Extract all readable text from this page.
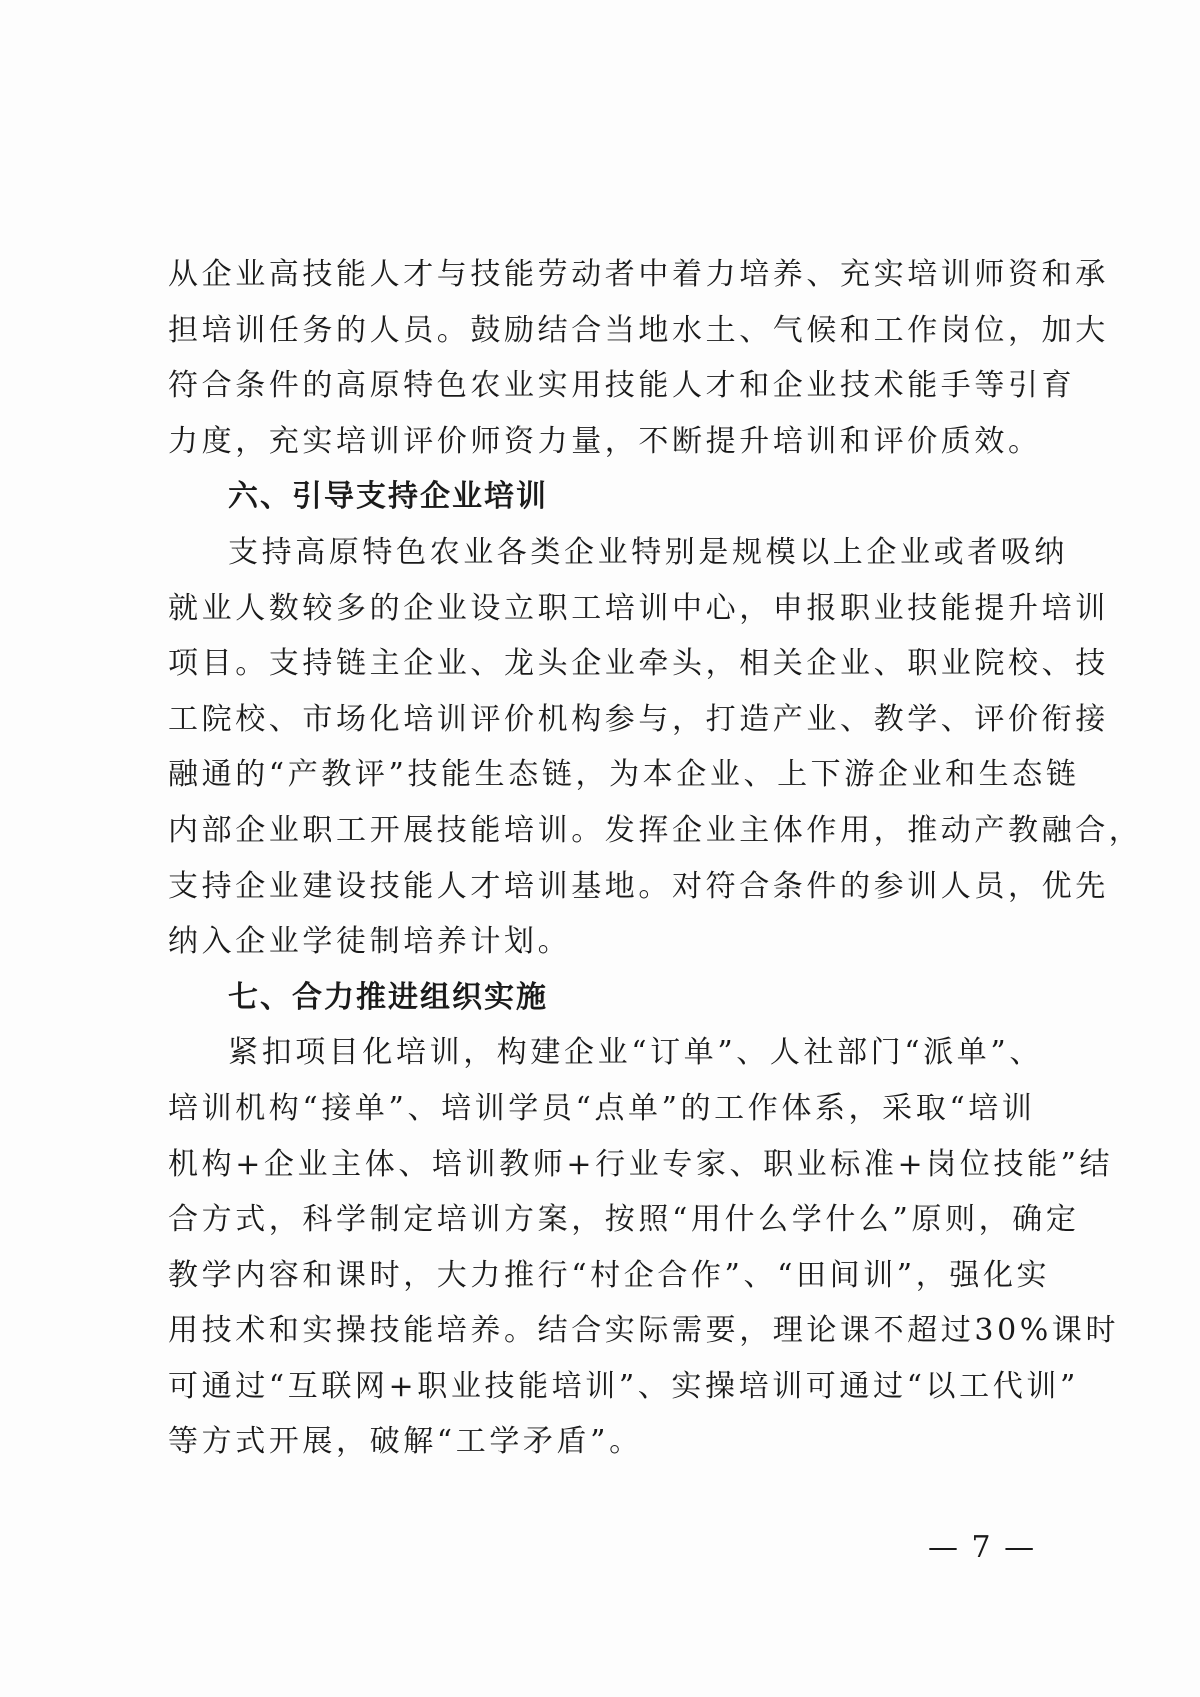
从企业高技能人才与技能劳动者中着力培养、充实培训师资和承
担培训任务的人员。鼓励结合当地水土、气候和工作岗位，加大
符合条件的高原特色农业实用技能人才和企业技术能手等引育
力度，充实培训评价师资力量，不断提升培训和评价质效。
六、引导支持企业培训
支持高原特色农业各类企业特别是规模以上企业或者吸纳
就业人数较多的企业设立职工培训中心，申报职业技能提升培训
项目。支持链主企业、龙头企业牵头，相关企业、职业院校、技
工院校、市场化培训评价机构参与，打造产业、教学、评价衔接
融通的“产教评”技能生态链，为本企业、上下游企业和生态链
内部企业职工开展技能培训。发挥企业主体作用，推动产教融合，
支持企业建设技能人才培训基地。对符合条件的参训人员，优先
纳入企业学徒制培养计划。
七、合力推进组织实施
紧扣项目化培训，构建企业“订单”、人社部门“派单”、
培训机构“接单”、培训学员“点单”的工作体系，采取“培训
机构+企业主体、培训教师+行业专家、职业标准+岗位技能”结
合方式，科学制定培训方案，按照“用什么学什么”原则，确定
教学内容和课时，大力推行“村企合作”、“田间训”，强化实
用技术和实操技能培养。结合实际需要，理论课不超过30%课时
可通过“互联网+职业技能培训”、实操培训可通过“以工代训”
等方式开展，破解“工学矛盾”。
— 7 —
